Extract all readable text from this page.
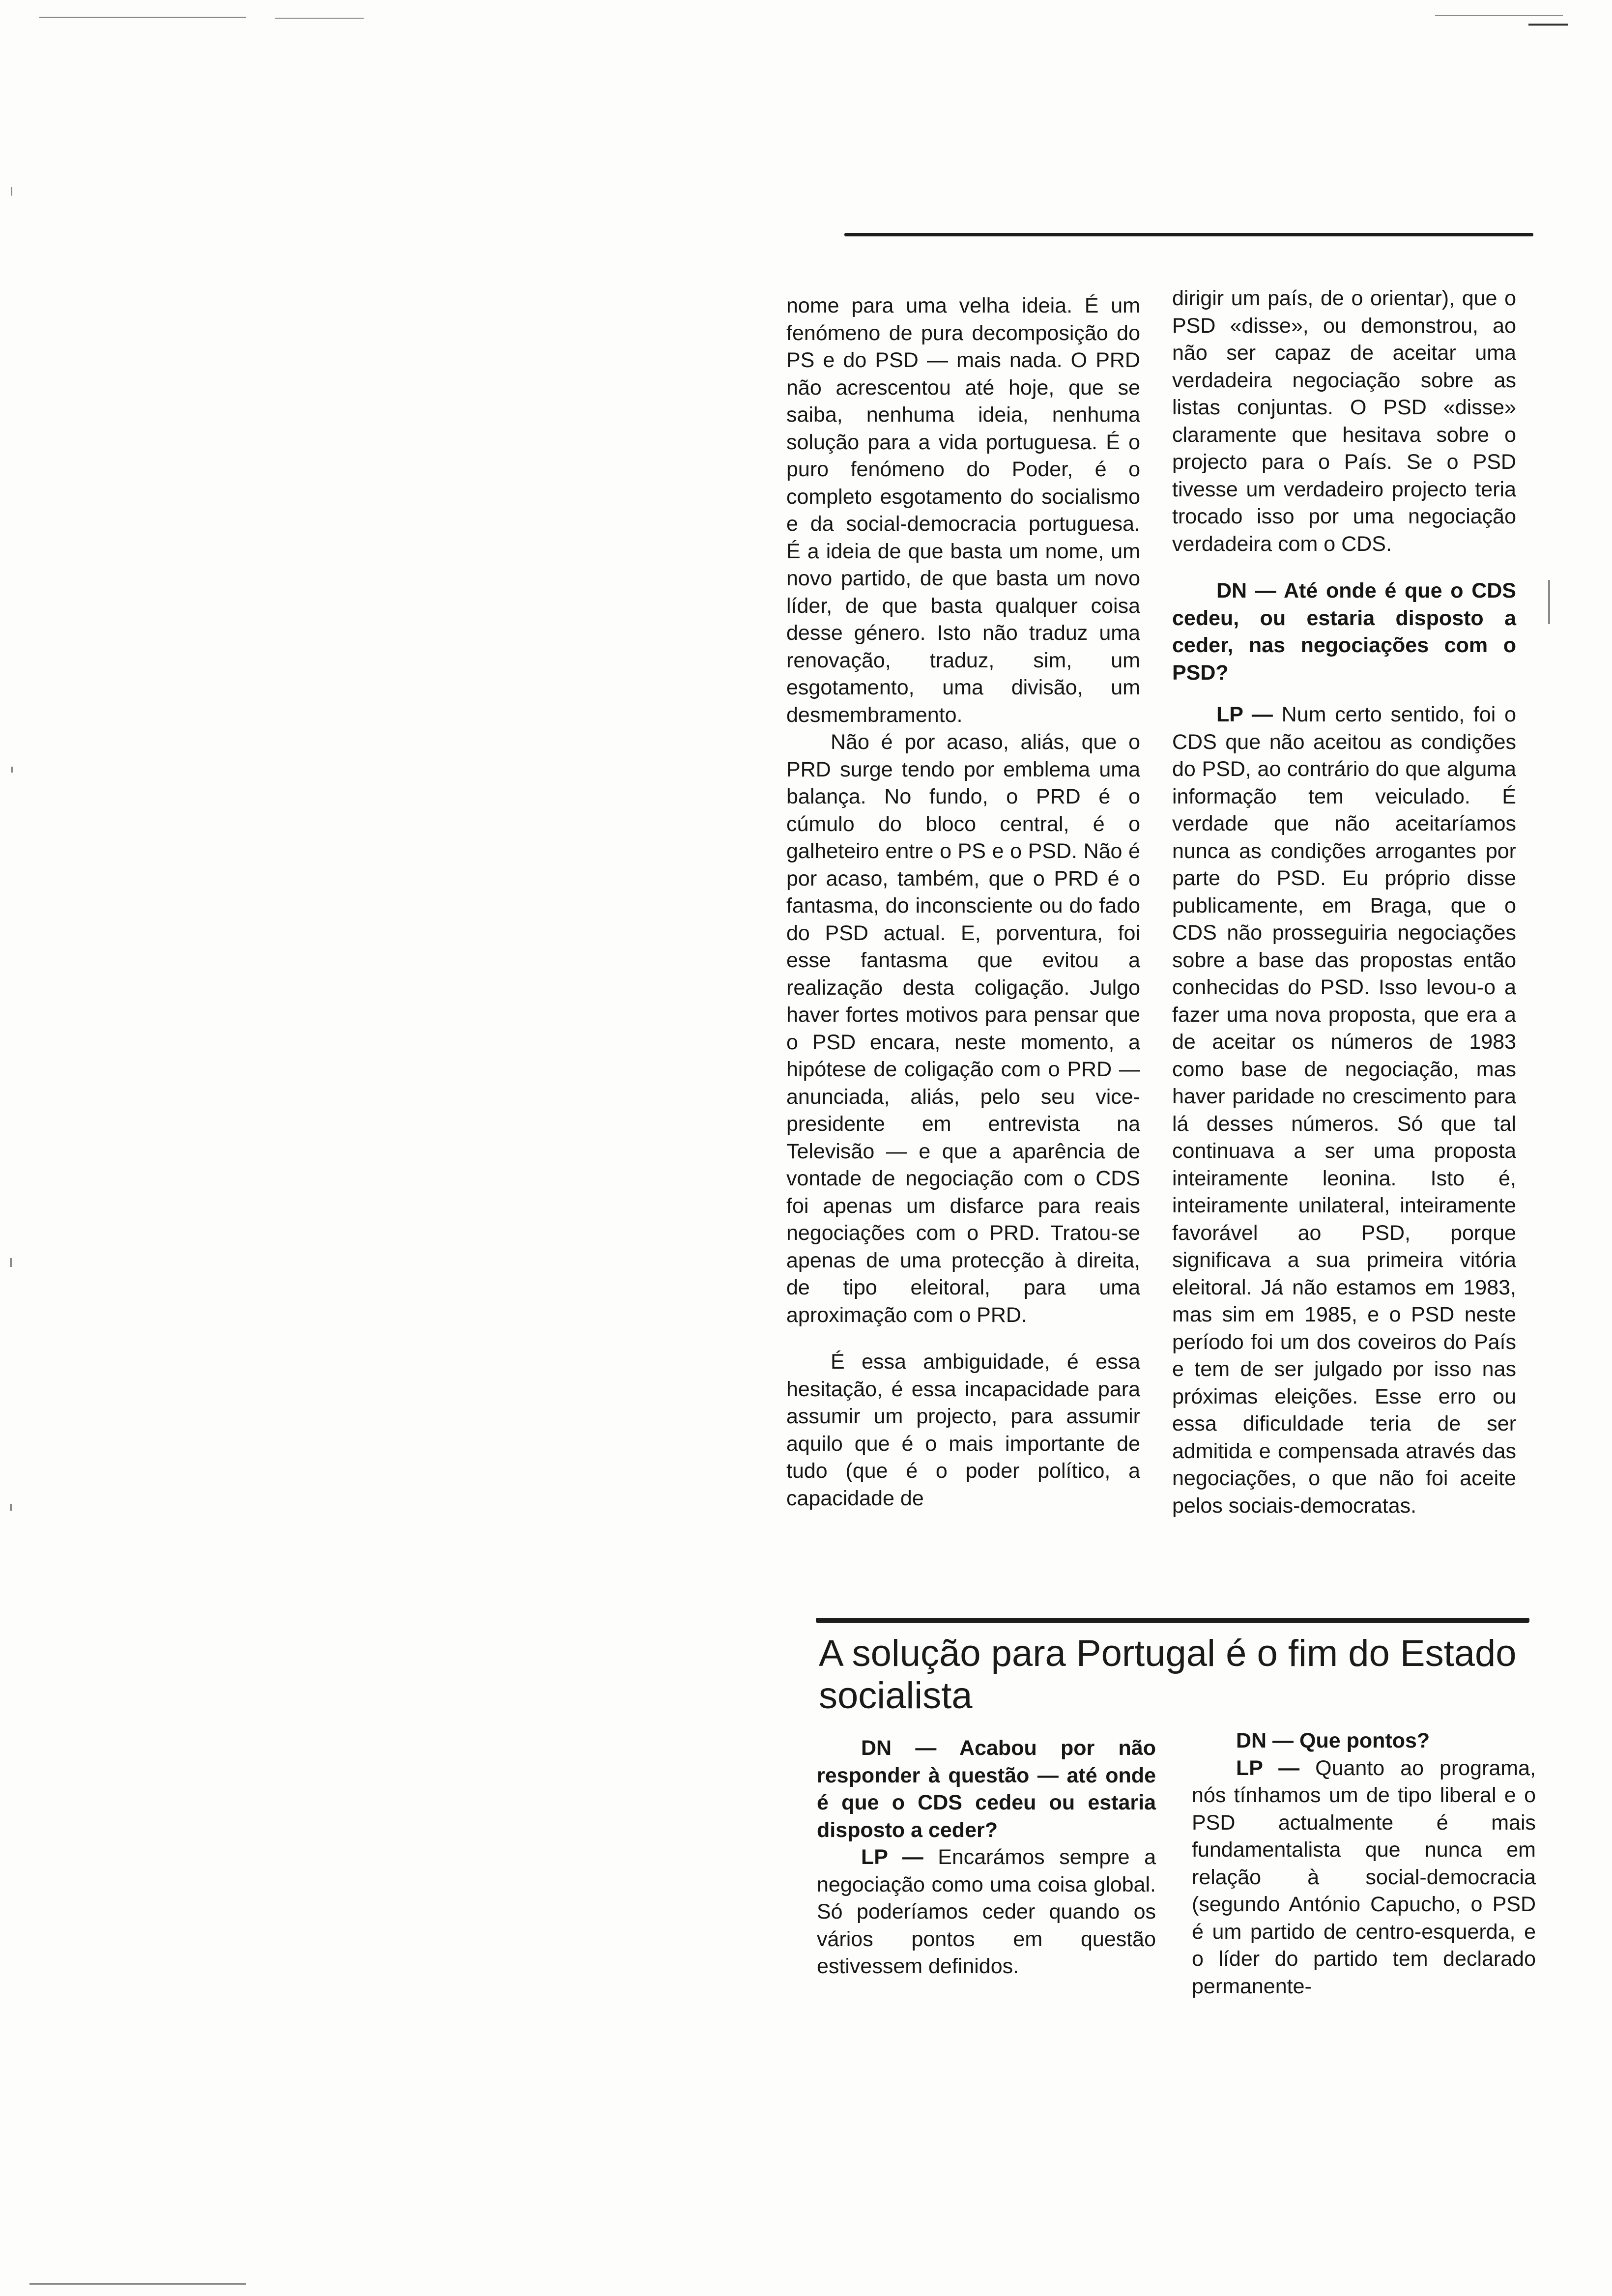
nome para uma velha ideia. É um fenómeno de pura decomposição do PS e do PSD — mais nada. O PRD não acrescentou até hoje, que se saiba, nenhuma ideia, nenhuma solução para a vida portuguesa. É o puro fenómeno do Poder, é o completo esgotamento do socialismo e da social-democracia portuguesa. É a ideia de que basta um nome, um novo partido, de que basta um novo líder, de que basta qualquer coisa desse género. Isto não traduz uma renovação, traduz, sim, um esgotamento, uma divisão, um desmembramento.

Não é por acaso, aliás, que o PRD surge tendo por emblema uma balança. No fundo, o PRD é o cúmulo do bloco central, é o galheteiro entre o PS e o PSD. Não é por acaso, também, que o PRD é o fantasma, do inconsciente ou do fado do PSD actual. E, porventura, foi esse fantasma que evitou a realização desta coligação. Julgo haver fortes motivos para pensar que o PSD encara, neste momento, a hipótese de coligação com o PRD — anunciada, aliás, pelo seu vice-presidente em entrevista na Televisão — e que a aparência de vontade de negociação com o CDS foi apenas um disfarce para reais negociações com o PRD. Tratou-se apenas de uma protecção à direita, de tipo eleitoral, para uma aproximação com o PRD.

É essa ambiguidade, é essa hesitação, é essa incapacidade para assumir um projecto, para assumir aquilo que é o mais importante de tudo (que é o poder político, a capacidade de

dirigir um país, de o orientar), que o PSD «disse», ou demonstrou, ao não ser capaz de aceitar uma verdadeira negociação sobre as listas conjuntas. O PSD «disse» claramente que hesitava sobre o projecto para o País. Se o PSD tivesse um verdadeiro projecto teria trocado isso por uma negociação verdadeira com o CDS.

DN — Até onde é que o CDS cedeu, ou estaria disposto a ceder, nas negociações com o PSD?

LP — Num certo sentido, foi o CDS que não aceitou as condições do PSD, ao contrário do que alguma informação tem veiculado. É verdade que não aceitaríamos nunca as condições arrogantes por parte do PSD. Eu próprio disse publicamente, em Braga, que o CDS não prosseguiria negociações sobre a base das propostas então conhecidas do PSD. Isso levou-o a fazer uma nova proposta, que era a de aceitar os números de 1983 como base de negociação, mas haver paridade no crescimento para lá desses números. Só que tal continuava a ser uma proposta inteiramente leonina. Isto é, inteiramente unilateral, inteiramente favorável ao PSD, porque significava a sua primeira vitória eleitoral. Já não estamos em 1983, mas sim em 1985, e o PSD neste período foi um dos coveiros do País e tem de ser julgado por isso nas próximas eleições. Esse erro ou essa dificuldade teria de ser admitida e compensada através das negociações, o que não foi aceite pelos sociais-democratas.

A solução para Portugal é o fim do Estado
socialista

DN — Acabou por não responder à questão — até onde é que o CDS cedeu ou estaria disposto a ceder?

LP — Encarámos sempre a negociação como uma coisa global. Só poderíamos ceder quando os vários pontos em questão estivessem definidos.

DN — Que pontos?

LP — Quanto ao programa, nós tínhamos um de tipo liberal e o PSD actualmente é mais fundamentalista que nunca em relação à social-democracia (segundo António Capucho, o PSD é um partido de centro-esquerda, e o líder do partido tem declarado permanente-
